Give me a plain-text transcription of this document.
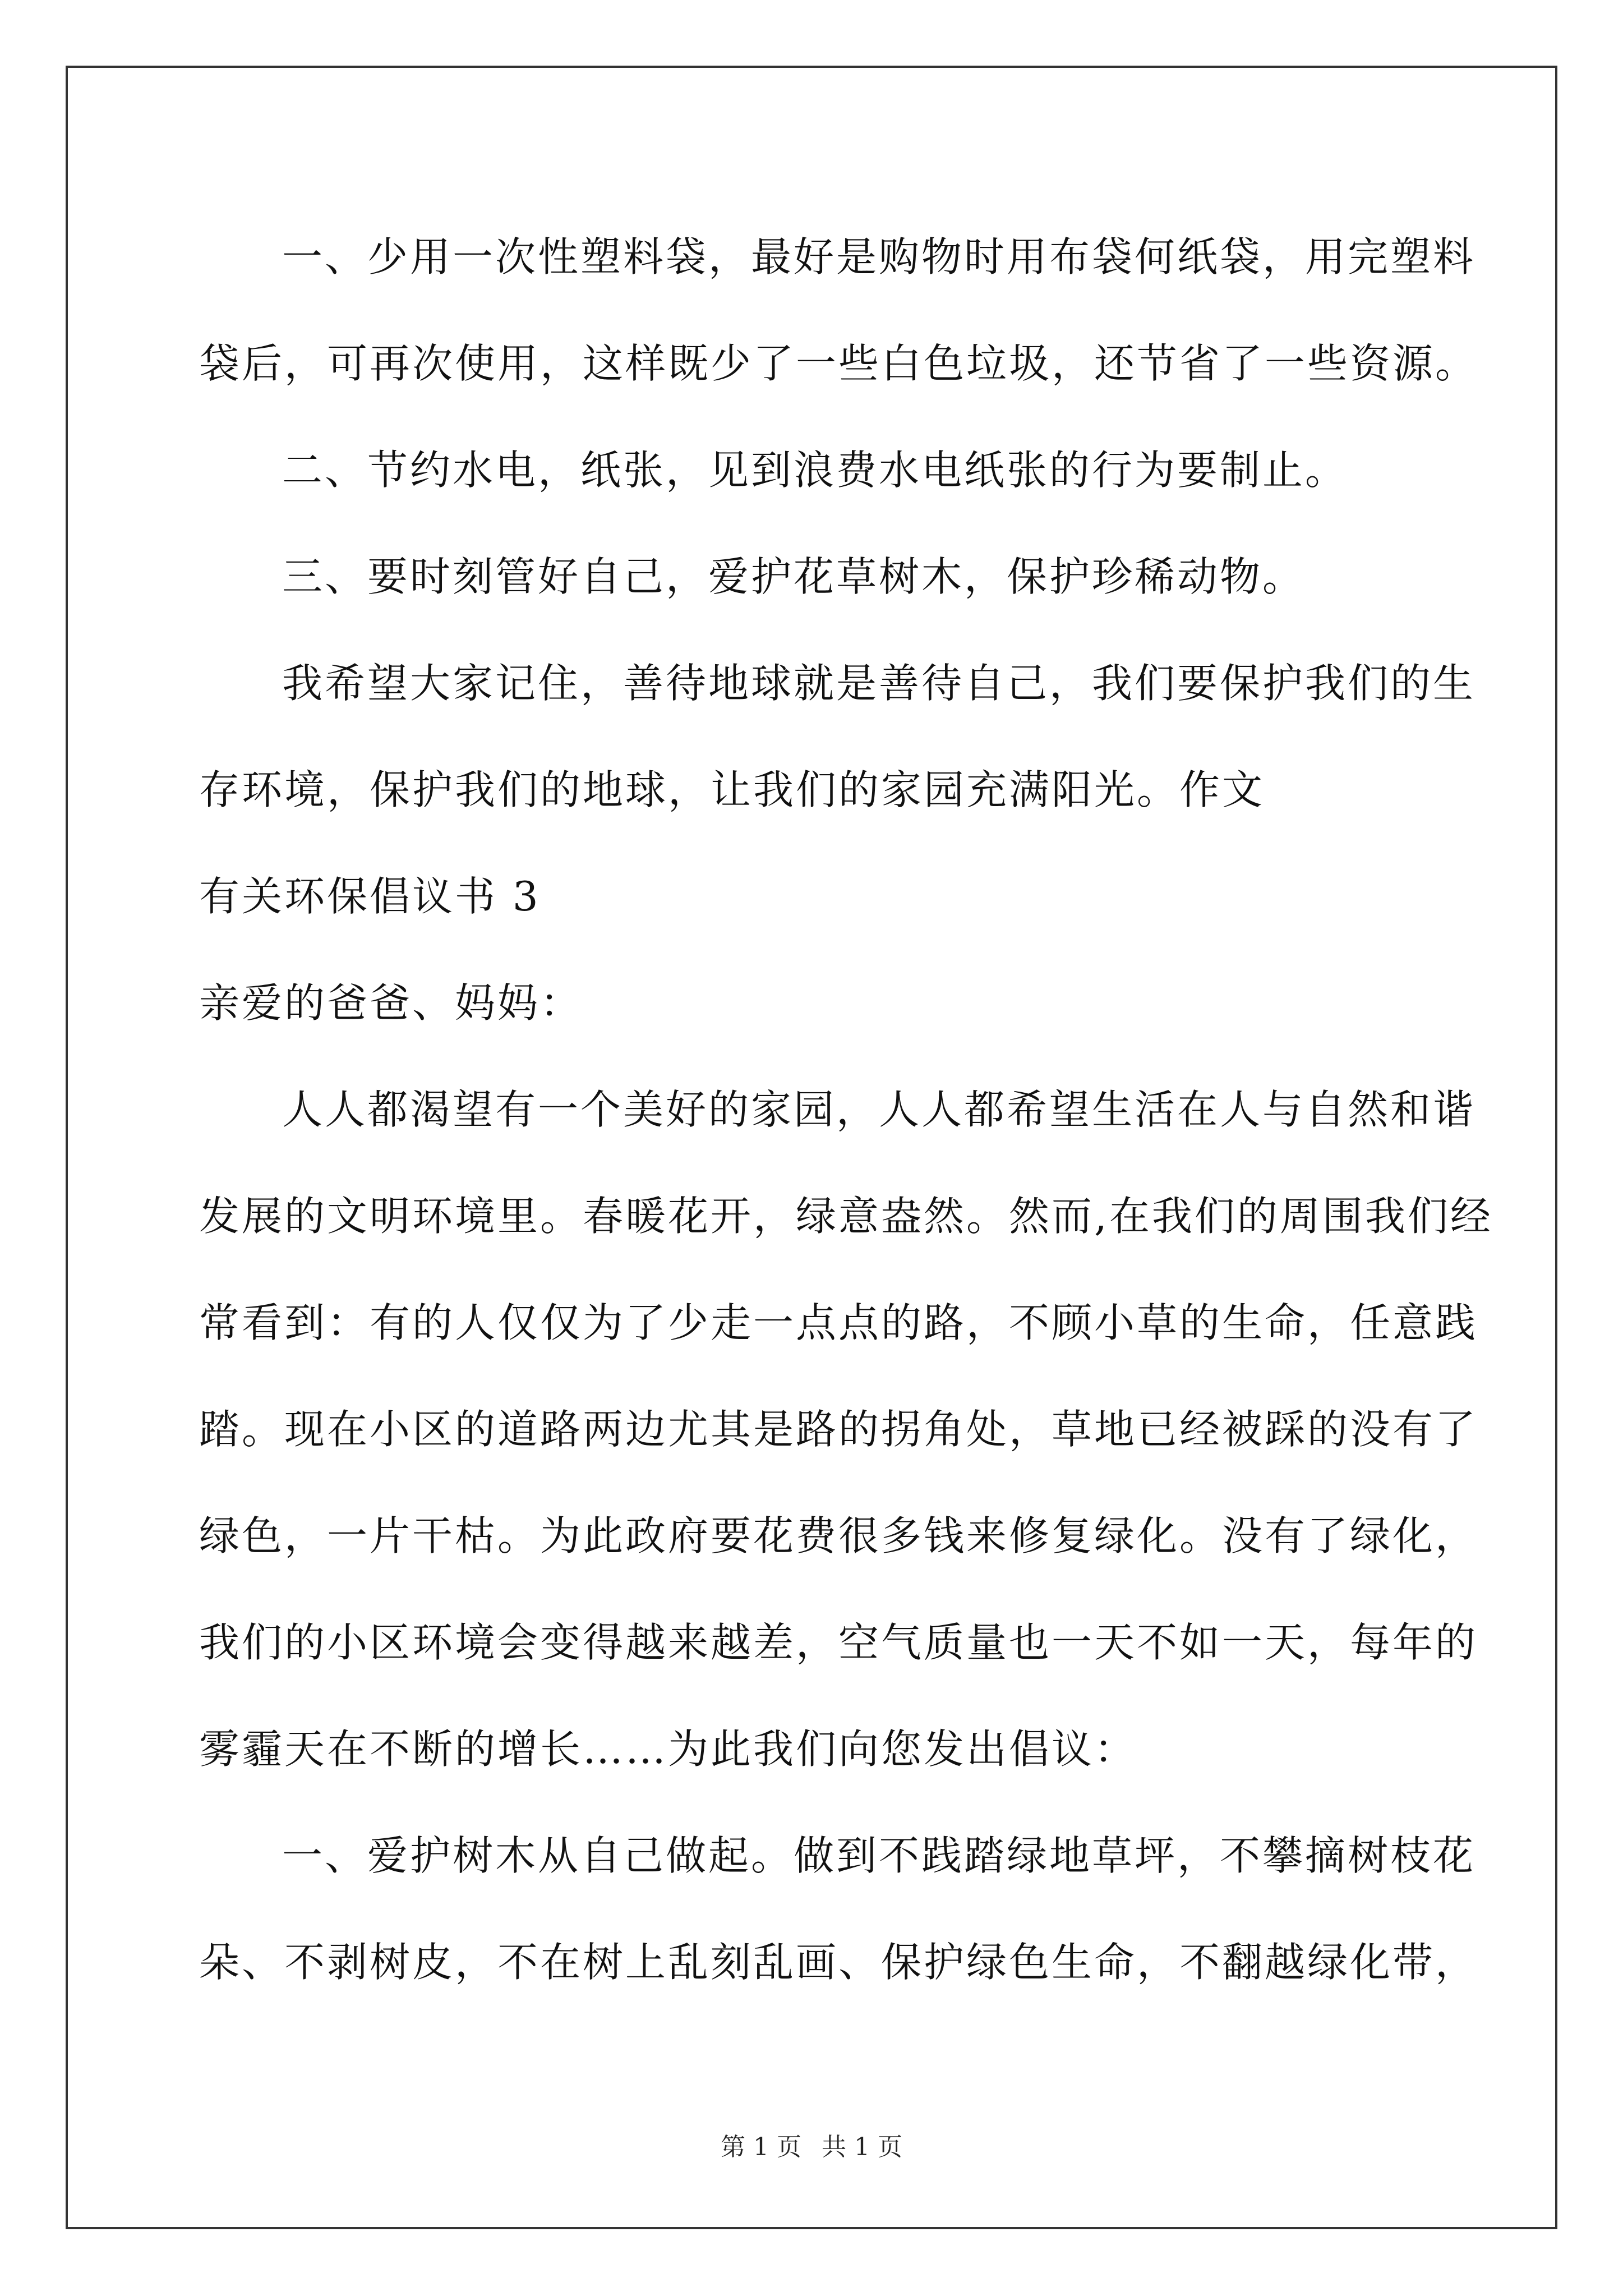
一、少用一次性塑料袋，最好是购物时用布袋何纸袋，用完塑料
袋后，可再次使用，这样既少了一些白色垃圾，还节省了一些资源。
二、节约水电，纸张，见到浪费水电纸张的行为要制止。
三、要时刻管好自己，爱护花草树木，保护珍稀动物。
我希望大家记住，善待地球就是善待自己，我们要保护我们的生
存环境，保护我们的地球，让我们的家园充满阳光。作文
有关环保倡议书 3
亲爱的爸爸、妈妈：
人人都渴望有一个美好的家园，人人都希望生活在人与自然和谐
发展的文明环境里。春暖花开，绿意盎然。然而,在我们的周围我们经
常看到：有的人仅仅为了少走一点点的路，不顾小草的生命，任意践
踏。现在小区的道路两边尤其是路的拐角处，草地已经被踩的没有了
绿色，一片干枯。为此政府要花费很多钱来修复绿化。没有了绿化，
我们的小区环境会变得越来越差，空气质量也一天不如一天，每年的
雾霾天在不断的增长……为此我们向您发出倡议：
一、爱护树木从自己做起。做到不践踏绿地草坪，不攀摘树枝花
朵、不剥树皮，不在树上乱刻乱画、保护绿色生命，不翻越绿化带，
第 1 页 共 1 页
